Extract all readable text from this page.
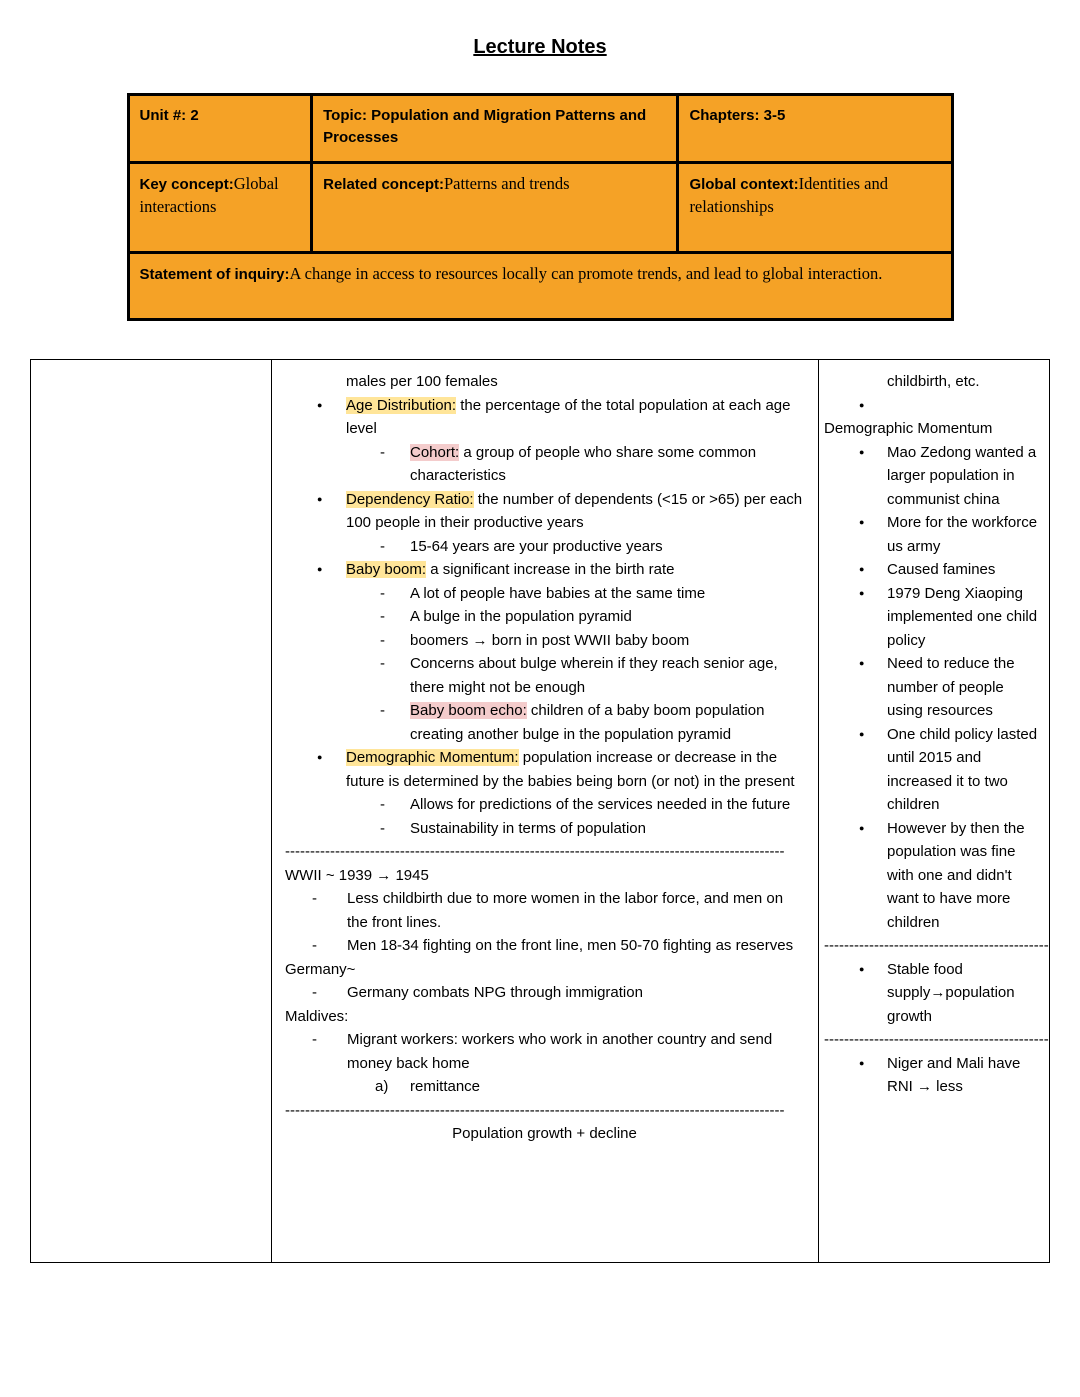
Lecture Notes
Unit #: 2	Topic: Population and Migration Patterns and Processes	Chapters: 3-5
Key concept:Global interactions	Related concept:Patterns and trends	Global context:Identities and relationships
Statement of inquiry:A change in access to resources locally can promote trends, and lead to global interaction.		
males per 100 females
● Age Distribution: the percentage of the total population at each age level
- Cohort: a group of people who share some common characteristics
● Dependency Ratio: the number of dependents (<15 or >65) per each 100 people in their productive years
- 15-64 years are your productive years
● Baby boom: a significant increase in the birth rate
- A lot of people have babies at the same time
- A bulge in the population pyramid
- boomers → born in post WWII baby boom
- Concerns about bulge wherein if they reach senior age, there might not be enough
- Baby boom echo: children of a baby boom population creating another bulge in the population pyramid
● Demographic Momentum: population increase or decrease in the future is determined by the babies being born (or not) in the present
- Allows for predictions of the services needed in the future
- Sustainability in terms of population
----------------------------------------------------------------------------------------------------
WWII ~ 1939 → 1945
- Less childbirth due to more women in the labor force, and men on the front lines.
- Men 18-34 fighting on the front line, men 50-70 fighting as reserves
Germany~
- Germany combats NPG through immigration
Maldives:
- Migrant workers: workers who work in another country and send money back home
a) remittance
----------------------------------------------------------------------------------------------------
Population growth + decline
childbirth, etc.
●
Demographic Momentum
● Mao Zedong wanted a larger population in communist china
● More for the workforce us army
● Caused famines
● 1979 Deng Xiaoping implemented one child policy
● Need to reduce the number of people using resources
● One child policy lasted until 2015 and increased it to two children
● However by then the population was fine with one and didn't want to have more children
---------------------------------------------
● Stable food supply→population growth
---------------------------------------------
● Niger and Mali have RNI → less
